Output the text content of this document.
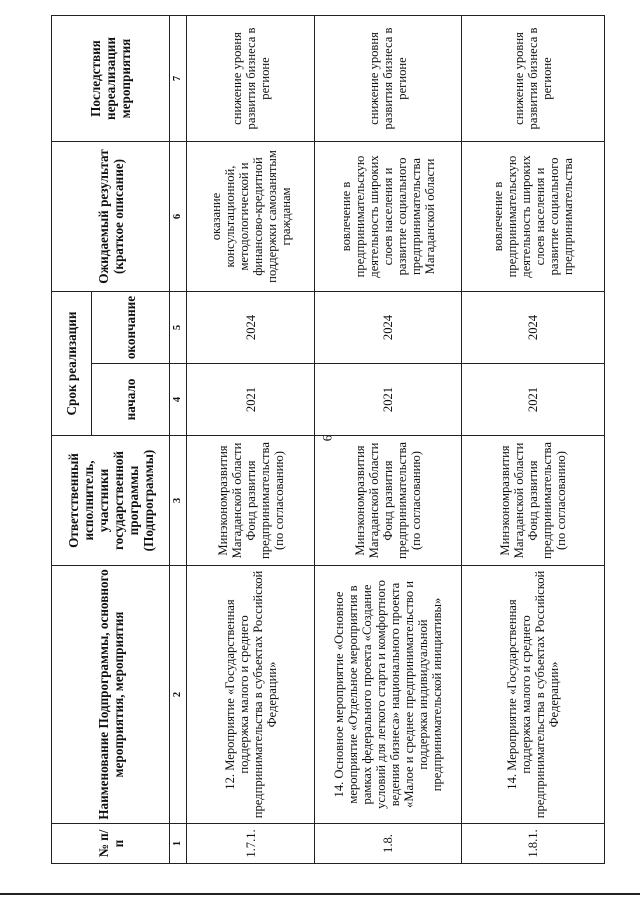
9
№ п/п	Наименование Подпрограммы, основного мероприятия, мероприятия	Ответственный исполнитель, участники государственной программы (Подпрограммы)	Срок реализации		Ожидаемый результат (краткое описание)	Последствия нереализации мероприятия
			начало	окончание		
1	2	3	4	5	6	7
1.7.1.	12. Мероприятие «Государственная поддержка малого и среднего предпринимательства в субъектах Российской Федерации»	Минэкономразвития Магаданской области Фонд развития предпринимательства (по согласованию)	2021	2024	оказание консультационной, методологической и финансово-кредитной поддержки самозанятым гражданам	снижение уровня развития бизнеса в регионе
1.8.	14. Основное мероприятие «Основное мероприятие «Отдельное мероприятия в рамках федерального проекта «Создание условий для легкого старта и комфортного ведения бизнеса» национального проекта «Малое и среднее предпринимательство и поддержка индивидуальной предпринимательской инициативы»	Минэкономразвития Магаданской области Фонд развития предпринимательства (по согласованию)	2021	2024	вовлечение в предпринимательскую деятельность широких слоев населения и развитие социального предпринимательства Магаданской области	снижение уровня развития бизнеса в регионе
1.8.1.	14. Мероприятие «Государственная поддержка малого и среднего предпринимательства в субъектах Российской Федерации»	Минэкономразвития Магаданской области Фонд развития предпринимательства (по согласованию)	2021	2024	вовлечение в предпринимательскую деятельность широких слоев населения и развитие социального предпринимательства	снижение уровня развития бизнеса в регионе
